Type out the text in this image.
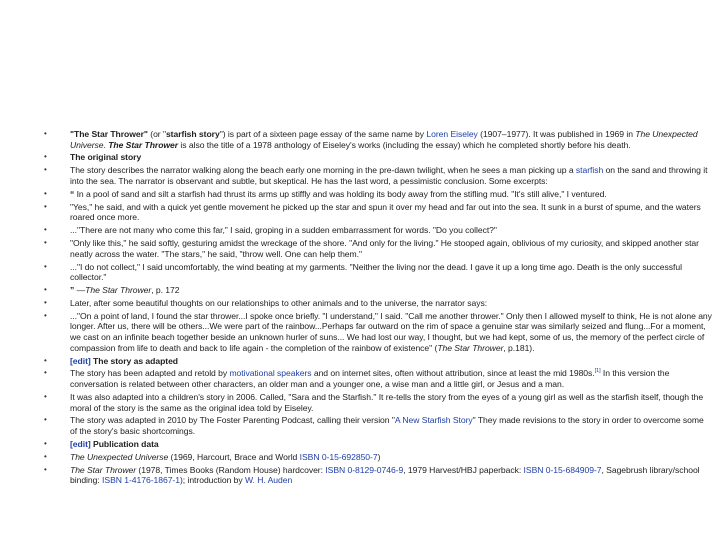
•	"The Star Thrower" (or "starfish story") is part of a sixteen page essay of the same name by Loren Eiseley (1907–1977). It was published in 1969 in The Unexpected Universe. The Star Thrower is also the title of a 1978 anthology of Eiseley's works (including the essay) which he completed shortly before his death.
•	The original story
•	The story describes the narrator walking along the beach early one morning in the pre-dawn twilight, when he sees a man picking up a starfish on the sand and throwing it into the sea. The narrator is observant and subtle, but skeptical. He has the last word, a pessimistic conclusion. Some excerpts:
•	“ In a pool of sand and silt a starfish had thrust its arms up stiffly and was holding its body away from the stifling mud. "It's still alive," I ventured.
•	"Yes," he said, and with a quick yet gentle movement he picked up the star and spun it over my head and far out into the sea. It sunk in a burst of spume, and the waters roared once more.
•	..."There are not many who come this far," I said, groping in a sudden embarrassment for words. "Do you collect?"
•	"Only like this," he said softly, gesturing amidst the wreckage of the shore. "And only for the living." He stooped again, oblivious of my curiosity, and skipped another star neatly across the water. "The stars," he said, "throw well. One can help them."
•	..."I do not collect," I said uncomfortably, the wind beating at my garments. "Neither the living nor the dead. I gave it up a long time ago. Death is the only successful collector."
•	” —The Star Thrower, p. 172
•	Later, after some beautiful thoughts on our relationships to other animals and to the universe, the narrator says:
•	..."On a point of land, I found the star thrower...I spoke once briefly. "I understand," I said. "Call me another thrower." Only then I allowed myself to think, He is not alone any longer. After us, there will be others...We were part of the rainbow...Perhaps far outward on the rim of space a genuine star was similarly seized and flung...For a moment, we cast on an infinite beach together beside an unknown hurler of suns... We had lost our way, I thought, but we had kept, some of us, the memory of the perfect circle of compassion from life to death and back to life again - the completion of the rainbow of existence" (The Star Thrower, p.181).
•	[edit] The story as adapted
•	The story has been adapted and retold by motivational speakers and on internet sites, often without attribution, since at least the mid 1980s.[1] In this version the conversation is related between other characters, an older man and a younger one, a wise man and a little girl, or Jesus and a man.
•	It was also adapted into a children's story in 2006. Called, "Sara and the Starfish." It re-tells the story from the eyes of a young girl as well as the starfish itself, though the moral of the story is the same as the original idea told by Eiseley.
•	The story was adapted in 2010 by The Foster Parenting Podcast, calling their version "A New Starfish Story" They made revisions to the story in order to overcome some of the story's basic shortcomings.
•	[edit] Publication data
•	The Unexpected Universe (1969, Harcourt, Brace and World ISBN 0-15-692850-7)
•	The Star Thrower (1978, Times Books (Random House) hardcover: ISBN 0-8129-0746-9, 1979 Harvest/HBJ paperback: ISBN 0-15-684909-7, Sagebrush library/school binding: ISBN 1-4176-1867-1); introduction by W. H. Auden
